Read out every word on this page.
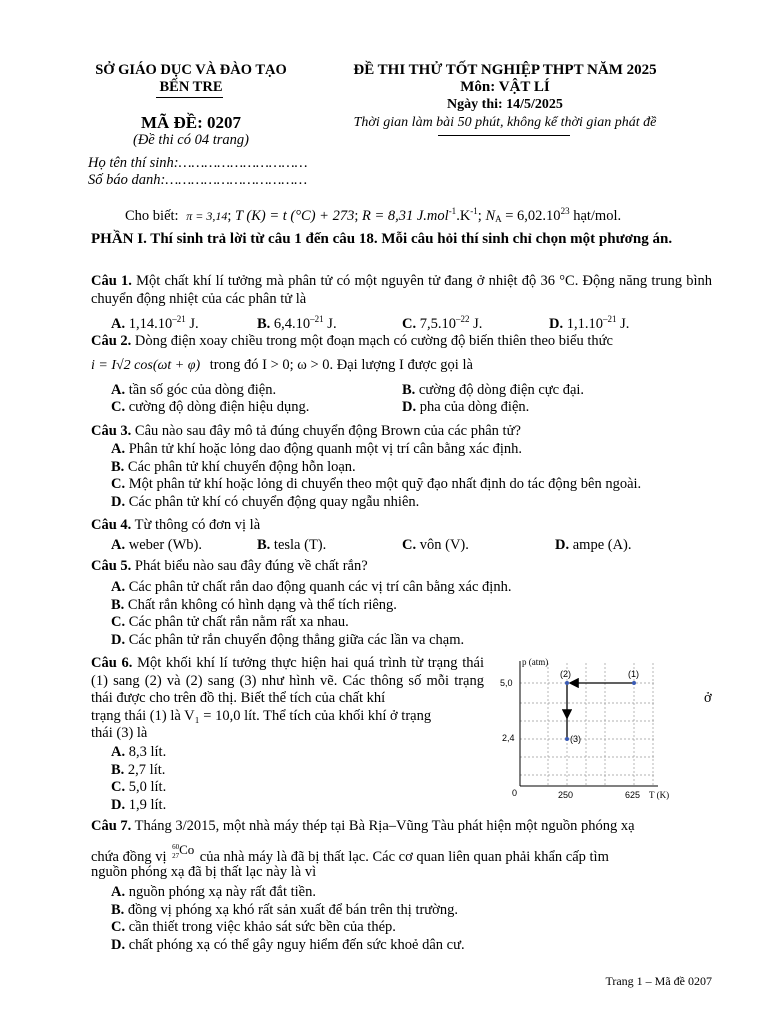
SỞ GIÁO DỤC VÀ ĐÀO TẠO
BẾN TRE
MÃ ĐỀ: 0207
(Đề thi có 04 trang)
ĐỀ THI THỬ TỐT NGHIỆP THPT NĂM 2025
Môn: VẬT LÍ
Ngày thi: 14/5/2025
Thời gian làm bài 50 phút, không kể thời gian phát đề
Họ tên thí sinh:…………………………
Số báo danh:……………………………
Cho biết: π = 3,14; T (K) = t (°C) + 273; R = 8,31 $J.mol^{-1}.K^{-1}$; NA = $6,02.10^{23}$ hạt/mol.
PHẦN I. Thí sinh trả lời từ câu 1 đến câu 18. Mỗi câu hỏi thí sinh chỉ chọn một phương án.
Câu 1. Một chất khí lí tưởng mà phân tử có một nguyên tử đang ở nhiệt độ 36 °C. Động năng trung bình chuyển động nhiệt của các phân tử là
A. $1,14.10^{-21}$ J.	B. $6,4.10^{-21}$ J.	C. $7,5.10^{-22}$ J.	D. $1,1.10^{-21}$ J.
Câu 2. Dòng điện xoay chiều trong một đoạn mạch có cường độ biến thiên theo biểu thức
i = I√2 cos(ωt + φ) trong đó I > 0; ω > 0. Đại lượng I được gọi là
A. tần số góc của dòng điện.	B. cường độ dòng điện cực đại.
C. cường độ dòng điện hiệu dụng.	D. pha của dòng điện.
Câu 3. Câu nào sau đây mô tả đúng chuyển động Brown của các phân tử?
A. Phân tử khí hoặc lỏng dao động quanh một vị trí cân bằng xác định.
B. Các phân tử khí chuyển động hỗn loạn.
C. Một phân tử khí hoặc lỏng di chuyển theo một quỹ đạo nhất định do tác động bên ngoài.
D. Các phân tử khí có chuyển động quay ngẫu nhiên.
Câu 4. Từ thông có đơn vị là
A. weber (Wb).	B. tesla (T).	C. vôn (V).	D. ampe (A).
Câu 5. Phát biểu nào sau đây đúng về chất rắn?
A. Các phân tử chất rắn dao động quanh các vị trí cân bằng xác định.
B. Chất rắn không có hình dạng và thể tích riêng.
C. Các phân tử chất rắn nằm rất xa nhau.
D. Các phân tử rắn chuyển động thẳng giữa các lần va chạm.
Câu 6. Một khối khí lí tưởng thực hiện hai quá trình từ trạng thái (1) sang (2) và (2) sang (3) như hình vẽ. Các thông số mỗi trạng thái được cho trên đồ thị. Biết thể tích của chất khí	ở
trạng thái (1) là V₁ = 10,0 lít. Thể tích của khối khí ở trạng
thái (3) là
A. 8,3 lít.
B. 2,7 lít.
C. 5,0 lít.
D. 1,9 lít.
p (atm)
T (K)
0
5,0
2,4
250	625
(1)
(2)
(3)
Câu 7. Tháng 3/2015, một nhà máy thép tại Bà Rịa–Vũng Tàu phát hiện một nguồn phóng xạ
chứa đồng vị
60
27 Co của nhà máy là đã bị thất lạc. Các cơ quan liên quan phải khẩn cấp tìm
nguồn phóng xạ đã bị thất lạc này là vì
A. nguồn phóng xạ này rất đắt tiền.
B. đồng vị phóng xạ khó rất sản xuất để bán trên thị trường.
C. cần thiết trong việc khảo sát sức bền của thép.
D. chất phóng xạ có thể gây nguy hiểm đến sức khoẻ dân cư.
Trang 1 – Mã đề 0207
